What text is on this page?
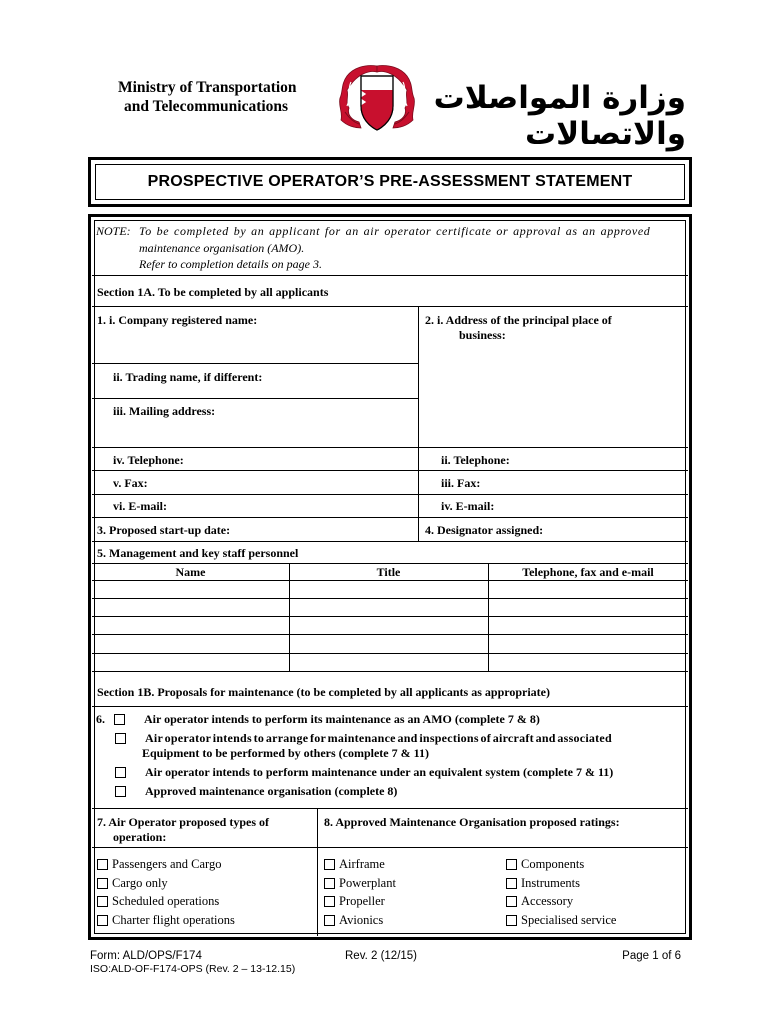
Ministry of Transportation
and Telecommunications	وزارة المواصلات والاتصالات
PROSPECTIVE OPERATOR’S PRE-ASSESSMENT STATEMENT
NOTE: To be completed by an applicant for an air operator certificate or approval as an approved
maintenance organisation (AMO).
Refer to completion details on page 3.
Section 1A. To be completed by all applicants
1. i. Company registered name:
ii. Trading name, if different:
iii. Mailing address:
iv. Telephone:
v. Fax:
vi. E-mail:
2. i. Address of the principal place of
business:
ii. Telephone:
iii. Fax:
iv. E-mail:
3. Proposed start-up date:	4. Designator assigned:
5. Management and key staff personnel
Name	Title	Telephone, fax and e-mail
Section 1B. Proposals for maintenance (to be completed by all applicants as appropriate)
6.	Air operator intends to perform its maintenance as an AMO (complete 7 & 8)
Air operator intends to arrange for maintenance and inspections of aircraft and associated
Equipment to be performed by others (complete 7 & 11)
Air operator intends to perform maintenance under an equivalent system (complete 7 & 11)
Approved maintenance organisation (complete 8)
7. Air Operator proposed types of
operation:
8. Approved Maintenance Organisation proposed ratings:
Passengers and Cargo
Cargo only
Scheduled operations
Charter flight operations
Airframe
Powerplant
Propeller
Avionics
Components
Instruments
Accessory
Specialised service
Form: ALD/OPS/F174
ISO:ALD-OF-F174-OPS (Rev. 2 – 13-12.15)
Rev. 2 (12/15)	Page 1 of 6
